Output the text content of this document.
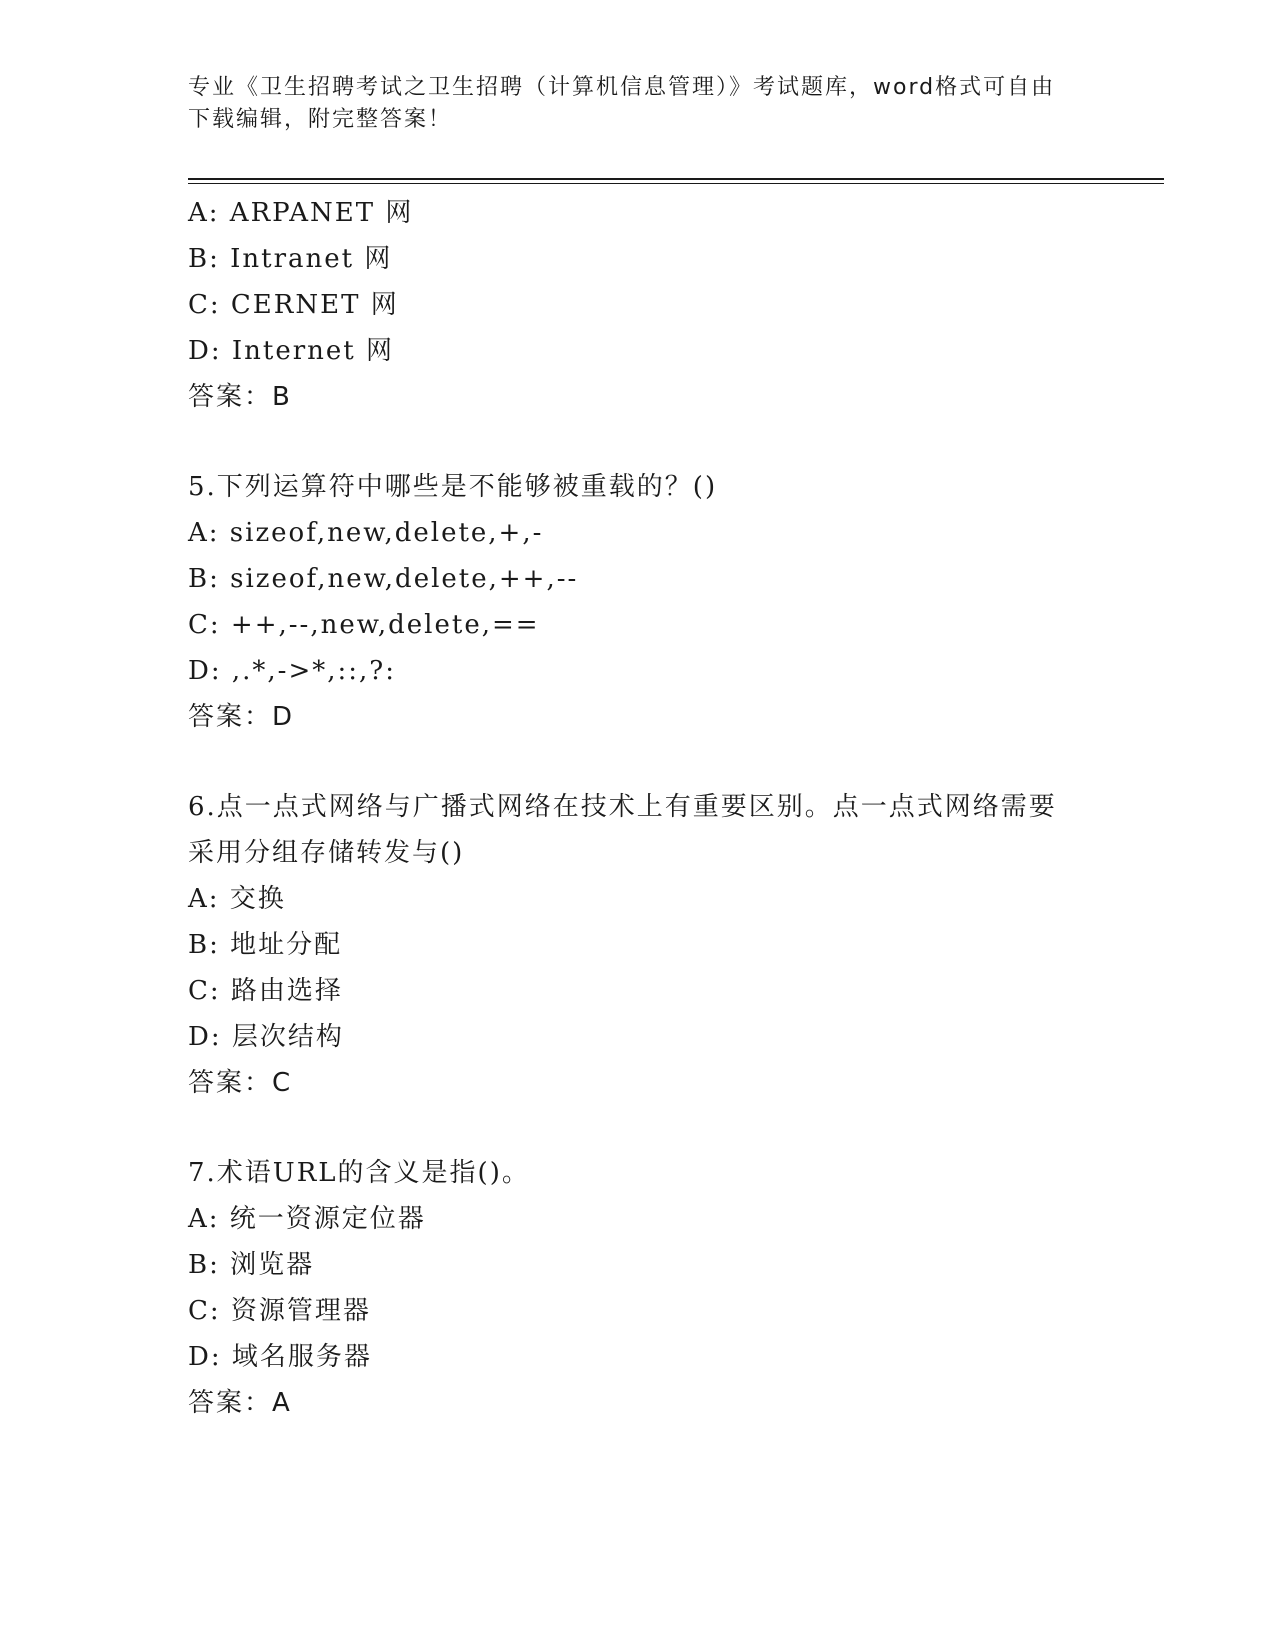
专业《卫生招聘考试之卫生招聘（计算机信息管理）》考试题库，word格式可自由下载编辑，附完整答案！
A: ARPANET 网
B: Intranet 网
C: CERNET 网
D: Internet 网
答案：B
5.下列运算符中哪些是不能够被重载的？()
A: sizeof,new,delete,+,-
B: sizeof,new,delete,++,--
C: ++,--,new,delete,==
D: ,.*,->*,::,?:
答案：D
6.点一点式网络与广播式网络在技术上有重要区别。点一点式网络需要采用分组存储转发与()
A: 交换
B: 地址分配
C: 路由选择
D: 层次结构
答案：C
7.术语URL的含义是指()。
A: 统一资源定位器
B: 浏览器
C: 资源管理器
D: 域名服务器
答案：A
